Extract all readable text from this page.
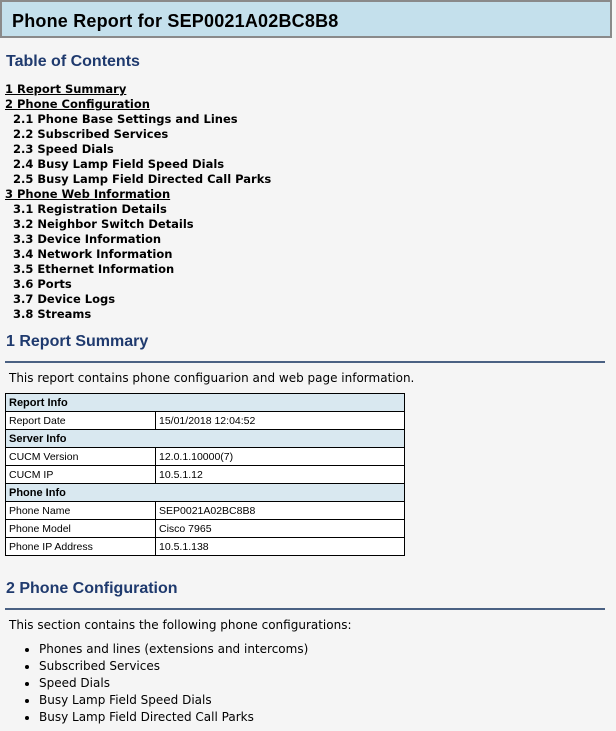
Phone Report for SEP0021A02BC8B8
Table of Contents
1 Report Summary
2 Phone Configuration
2.1 Phone Base Settings and Lines
2.2 Subscribed Services
2.3 Speed Dials
2.4 Busy Lamp Field Speed Dials
2.5 Busy Lamp Field Directed Call Parks
3 Phone Web Information
3.1 Registration Details
3.2 Neighbor Switch Details
3.3 Device Information
3.4 Network Information
3.5 Ethernet Information
3.6 Ports
3.7 Device Logs
3.8 Streams
1 Report Summary

This report contains phone configuarion and web page information.

Report Info	
Report Date	15/01/2018 12:04:52
Server Info	
CUCM Version	12.0.1.10000(7)
CUCM IP	10.5.1.12
Phone Info	
Phone Name	SEP0021A02BC8B8
Phone Model	Cisco 7965
Phone IP Address	10.5.1.138
2 Phone Configuration

This section contains the following phone configurations:

• Phones and lines (extensions and intercoms)
• Subscribed Services
• Speed Dials
• Busy Lamp Field Speed Dials
• Busy Lamp Field Directed Call Parks
